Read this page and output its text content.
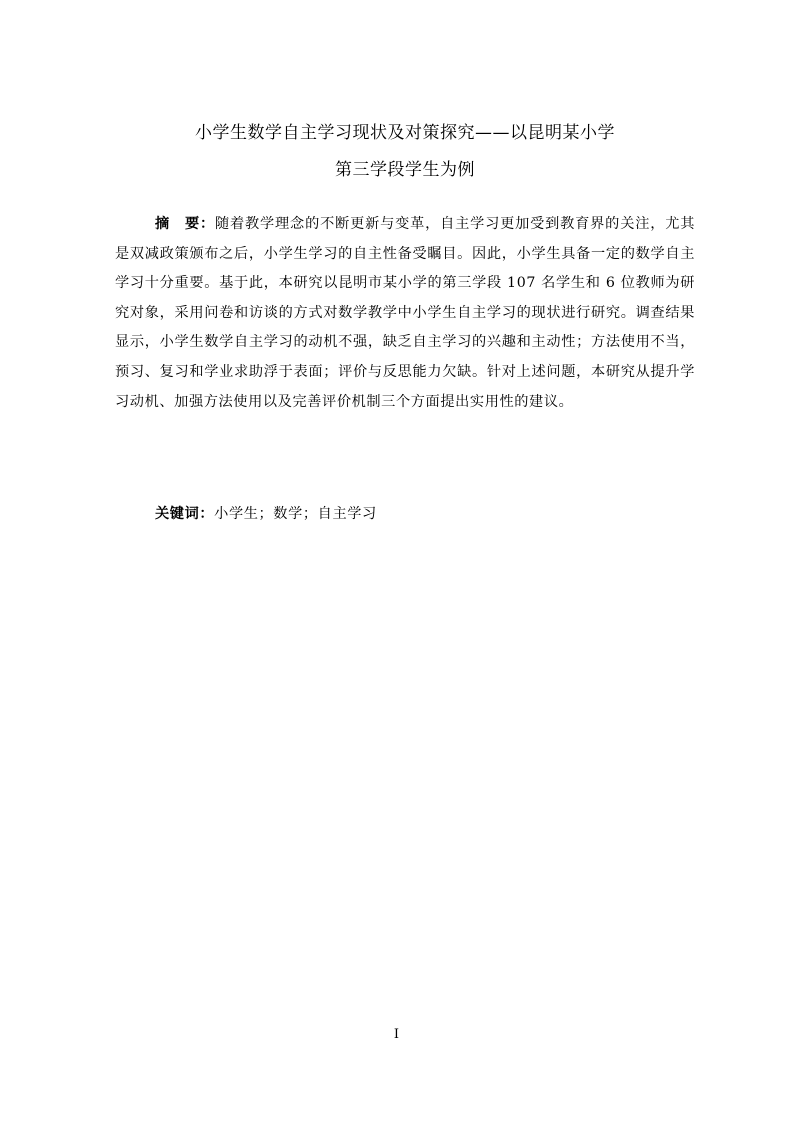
小学生数学自主学习现状及对策探究——以昆明某小学
第三学段学生为例

摘　要：随着教学理念的不断更新与变革，自主学习更加受到教育界的关注，尤其是双减政策颁布之后，小学生学习的自主性备受瞩目。因此，小学生具备一定的数学自主学习十分重要。基于此，本研究以昆明市某小学的第三学段 107 名学生和 6 位教师为研究对象，采用问卷和访谈的方式对数学教学中小学生自主学习的现状进行研究。调查结果显示，小学生数学自主学习的动机不强，缺乏自主学习的兴趣和主动性；方法使用不当，预习、复习和学业求助浮于表面；评价与反思能力欠缺。针对上述问题，本研究从提升学习动机、加强方法使用以及完善评价机制三个方面提出实用性的建议。

关键词：小学生；数学；自主学习
I
